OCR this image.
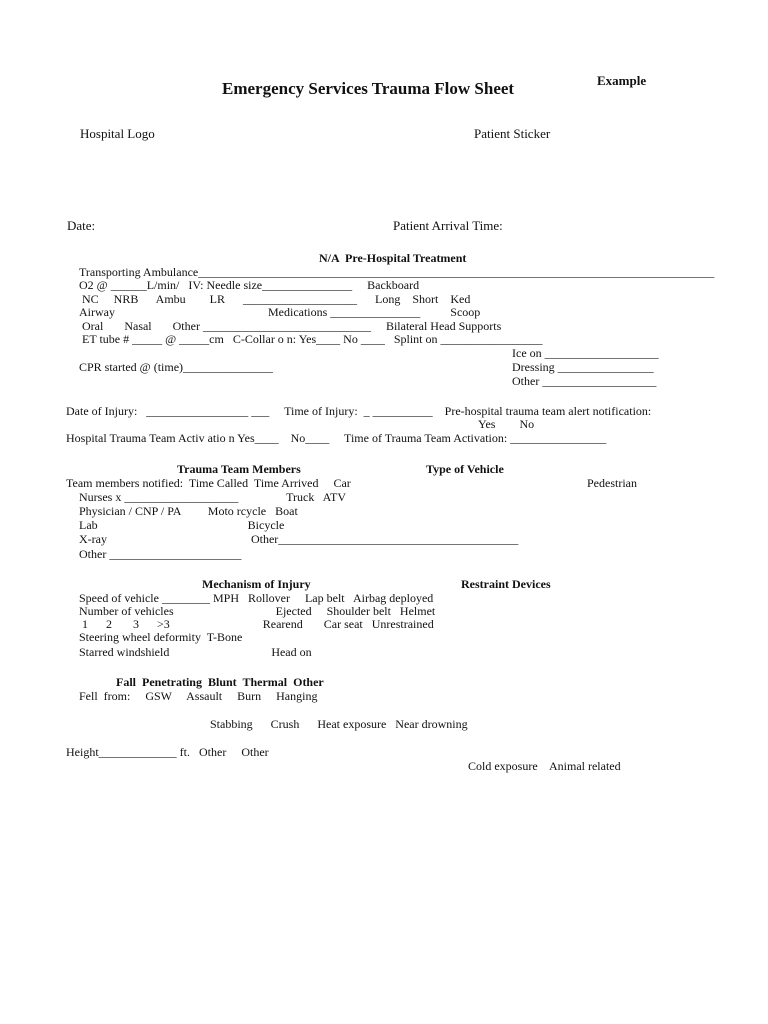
Emergency Services Trauma Flow Sheet	Example
Hospital Logo	Patient Sticker
Date:	Patient Arrival Time:
N/A  Pre-Hospital Treatment
Transporting Ambulance______________________________________________________________________________________
O2 @ ______L/min/   IV: Needle size_______________     Backboard
NC     NRB      Ambu        LR      ___________________      Long    Short    Ked
Airway                                                   Medications _______________          Scoop
Oral       Nasal       Other ____________________________     Bilateral Head Supports
ET tube # _____ @ _____cm   C-Collar o n: Yes____ No ____   Splint on _________________
Ice on ___________________
Dressing ________________
Other ___________________
CPR started @ (time)_______________
Date of Injury:   _________________ ___     Time of Injury:  _ __________    Pre-hospital trauma team alert notification:
Yes        No
Hospital Trauma Team Activ atio n Yes____    No____     Time of Trauma Team Activation: ________________
Trauma Team Members	Type of Vehicle
Team members notified:  Time Called  Time Arrived     Car	Pedestrian
Nurses x ___________________                Truck   ATV
Physician / CNP / PA         Moto rcycle   Boat
Lab                                                  Bicycle
X-ray                                                Other________________________________________
Other ______________________
Mechanism of Injury	Restraint Devices
Speed of vehicle ________ MPH   Rollover     Lap belt   Airbag deployed
Number of vehicles                                  Ejected     Shoulder belt   Helmet
1      2       3      >3                               Rearend       Car seat   Unrestrained
Steering wheel deformity  T-Bone
Starred windshield                                  Head on
Fall  Penetrating  Blunt  Thermal  Other
Fell  from:     GSW     Assault     Burn     Hanging
Stabbing      Crush      Heat exposure   Near drowning
Height_____________ ft.   Other     Other
Cold exposure    Animal related
